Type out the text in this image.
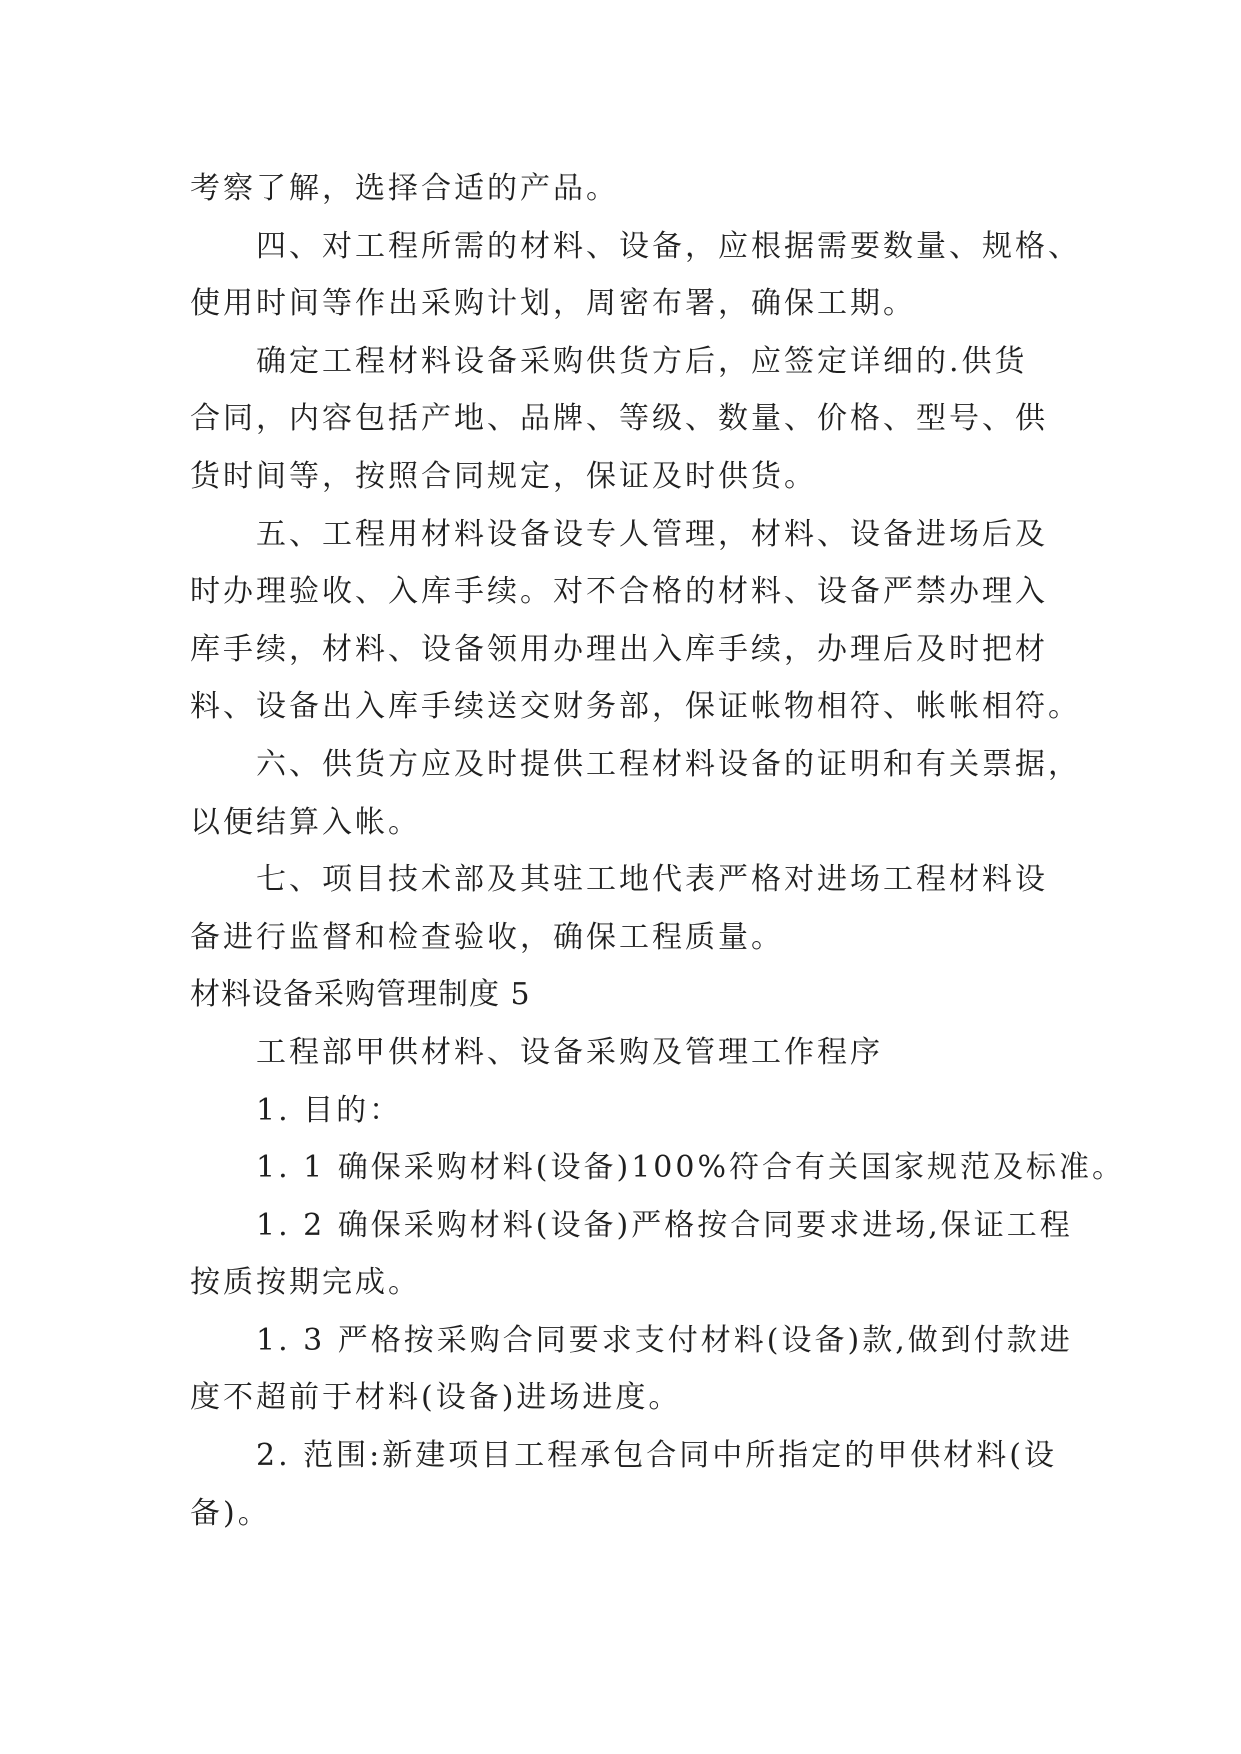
考察了解，选择合适的产品。
四、对工程所需的材料、设备，应根据需要数量、规格、
使用时间等作出采购计划，周密布署，确保工期。
确定工程材料设备采购供货方后，应签定详细的.供货
合同，内容包括产地、品牌、等级、数量、价格、型号、供
货时间等，按照合同规定，保证及时供货。
五、工程用材料设备设专人管理，材料、设备进场后及
时办理验收、入库手续。对不合格的材料、设备严禁办理入
库手续，材料、设备领用办理出入库手续，办理后及时把材
料、设备出入库手续送交财务部，保证帐物相符、帐帐相符。
六、供货方应及时提供工程材料设备的证明和有关票据，
以便结算入帐。
七、项目技术部及其驻工地代表严格对进场工程材料设
备进行监督和检查验收，确保工程质量。
材料设备采购管理制度 5
工程部甲供材料、设备采购及管理工作程序
1. 目的：
1. 1 确保采购材料(设备)100%符合有关国家规范及标准。
1. 2 确保采购材料(设备)严格按合同要求进场,保证工程
按质按期完成。
1. 3 严格按采购合同要求支付材料(设备)款,做到付款进
度不超前于材料(设备)进场进度。
2. 范围:新建项目工程承包合同中所指定的甲供材料(设
备)。
